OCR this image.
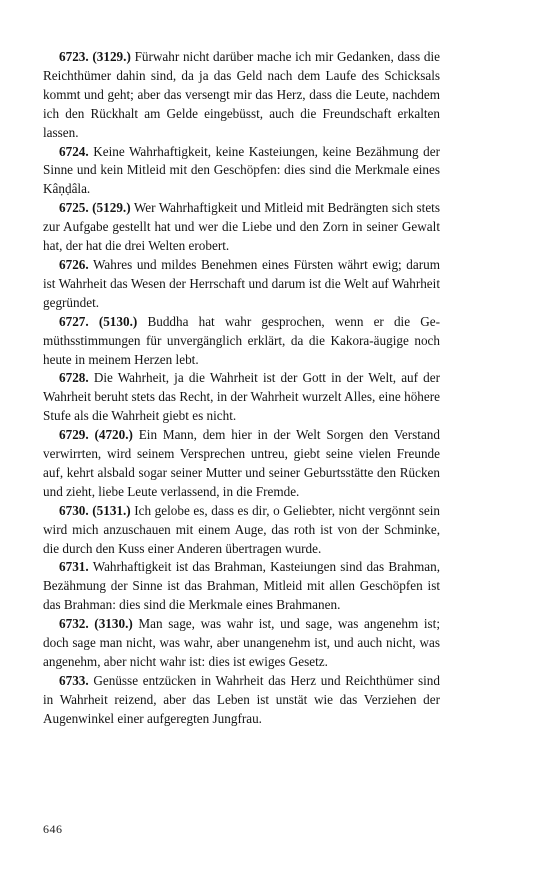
6723. (3129.) Fürwahr nicht darüber mache ich mir Gedanken, dass die Reichthümer dahin sind, da ja das Geld nach dem Laufe des Schicksals kommt und geht; aber das versengt mir das Herz, dass die Leute, nachdem ich den Rückhalt am Gelde eingebüsst, auch die Freundschaft erkalten lassen.

6724. Keine Wahrhaftigkeit, keine Kasteiungen, keine Bezähmung der Sinne und kein Mitleid mit den Geschöpfen: dies sind die Merkmale eines Kâṇḍâla.

6725. (5129.) Wer Wahrhaftigkeit und Mitleid mit Bedrängten sich stets zur Aufgabe gestellt hat und wer die Liebe und den Zorn in seiner Gewalt hat, der hat die drei Welten erobert.

6726. Wahres und mildes Benehmen eines Fürsten währt ewig; darum ist Wahrheit das Wesen der Herrschaft und darum ist die Welt auf Wahrheit gegründet.

6727. (5130.) Buddha hat wahr gesprochen, wenn er die Gemüthsstimmungen für unvergänglich erklärt, da die Kakora-äugige noch heute in meinem Herzen lebt.

6728. Die Wahrheit, ja die Wahrheit ist der Gott in der Welt, auf der Wahrheit beruht stets das Recht, in der Wahrheit wurzelt Alles, eine höhere Stufe als die Wahrheit giebt es nicht.

6729. (4720.) Ein Mann, dem hier in der Welt Sorgen den Verstand verwirrten, wird seinem Versprechen untreu, giebt seine vielen Freunde auf, kehrt alsbald sogar seiner Mutter und seiner Geburtsstätte den Rücken und zieht, liebe Leute verlassend, in die Fremde.

6730. (5131.) Ich gelobe es, dass es dir, o Geliebter, nicht vergönnt sein wird mich anzuschauen mit einem Auge, das roth ist von der Schminke, die durch den Kuss einer Anderen übertragen wurde.

6731. Wahrhaftigkeit ist das Brahman, Kasteiungen sind das Brahman, Bezähmung der Sinne ist das Brahman, Mitleid mit allen Geschöpfen ist das Brahman: dies sind die Merkmale eines Brahmanen.

6732. (3130.) Man sage, was wahr ist, und sage, was angenehm ist; doch sage man nicht, was wahr, aber unangenehm ist, und auch nicht, was angenehm, aber nicht wahr ist: dies ist ewiges Gesetz.

6733. Genüsse entzücken in Wahrheit das Herz und Reichthümer sind in Wahrheit reizend, aber das Leben ist unstät wie das Verziehen der Augenwinkel einer aufgeregten Jungfrau.

646
